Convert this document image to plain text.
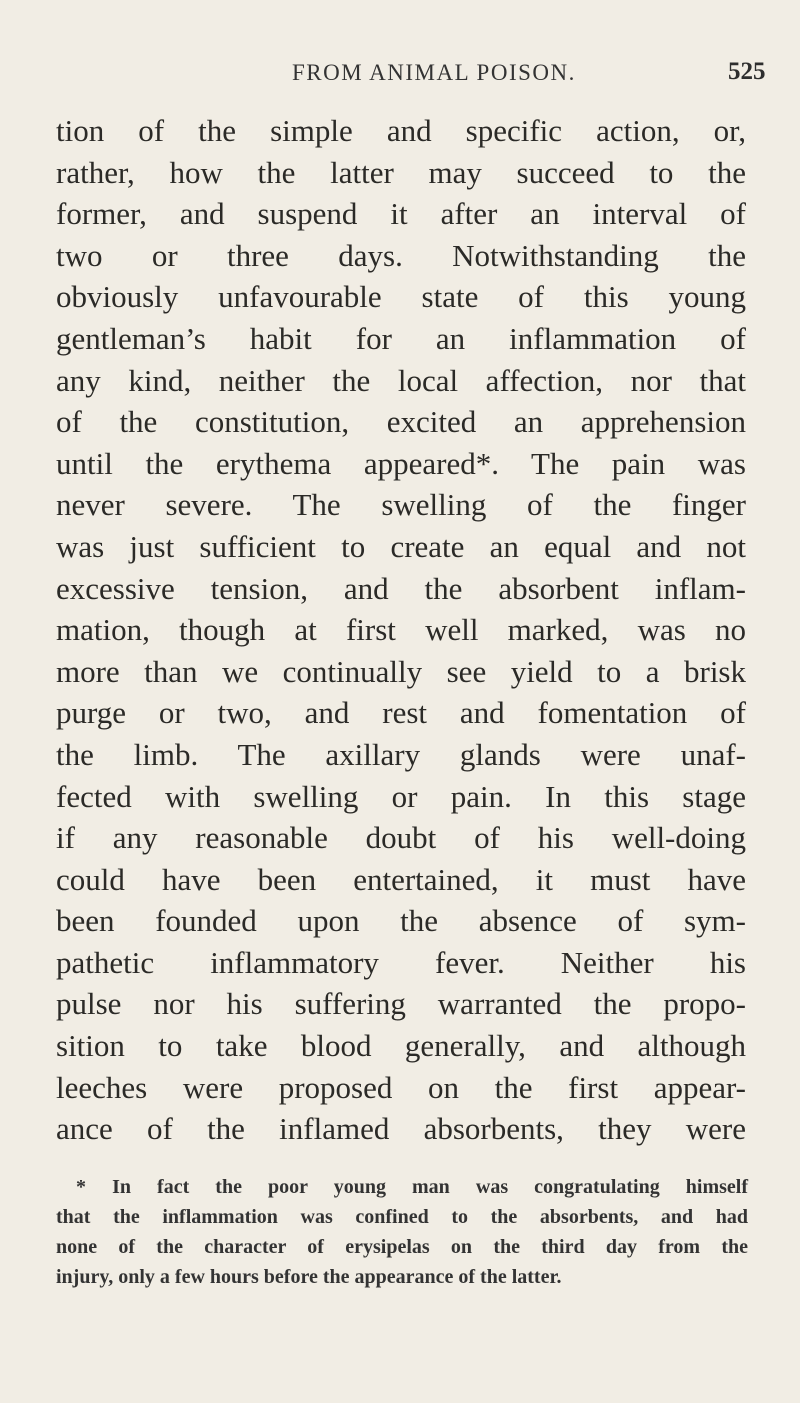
FROM ANIMAL POISON.	525
tion of the simple and specific action, or,
rather, how the latter may succeed to the
former, and suspend it after an interval of
two or three days. Notwithstanding the
obviously unfavourable state of this young
gentleman’s habit for an inflammation of
any kind, neither the local affection, nor that
of the constitution, excited an apprehension
until the erythema appeared*. The pain was
never severe. The swelling of the finger
was just sufficient to create an equal and not
excessive tension, and the absorbent inflam-
mation, though at first well marked, was no
more than we continually see yield to a brisk
purge or two, and rest and fomentation of
the limb. The axillary glands were unaf-
fected with swelling or pain. In this stage
if any reasonable doubt of his well-doing
could have been entertained, it must have
been founded upon the absence of sym-
pathetic inflammatory fever. Neither his
pulse nor his suffering warranted the propo-
sition to take blood generally, and although
leeches were proposed on the first appear-
ance of the inflamed absorbents, they were
* In fact the poor young man was congratulating himself
that the inflammation was confined to the absorbents, and had
none of the character of erysipelas on the third day from the
injury, only a few hours before the appearance of the latter.
